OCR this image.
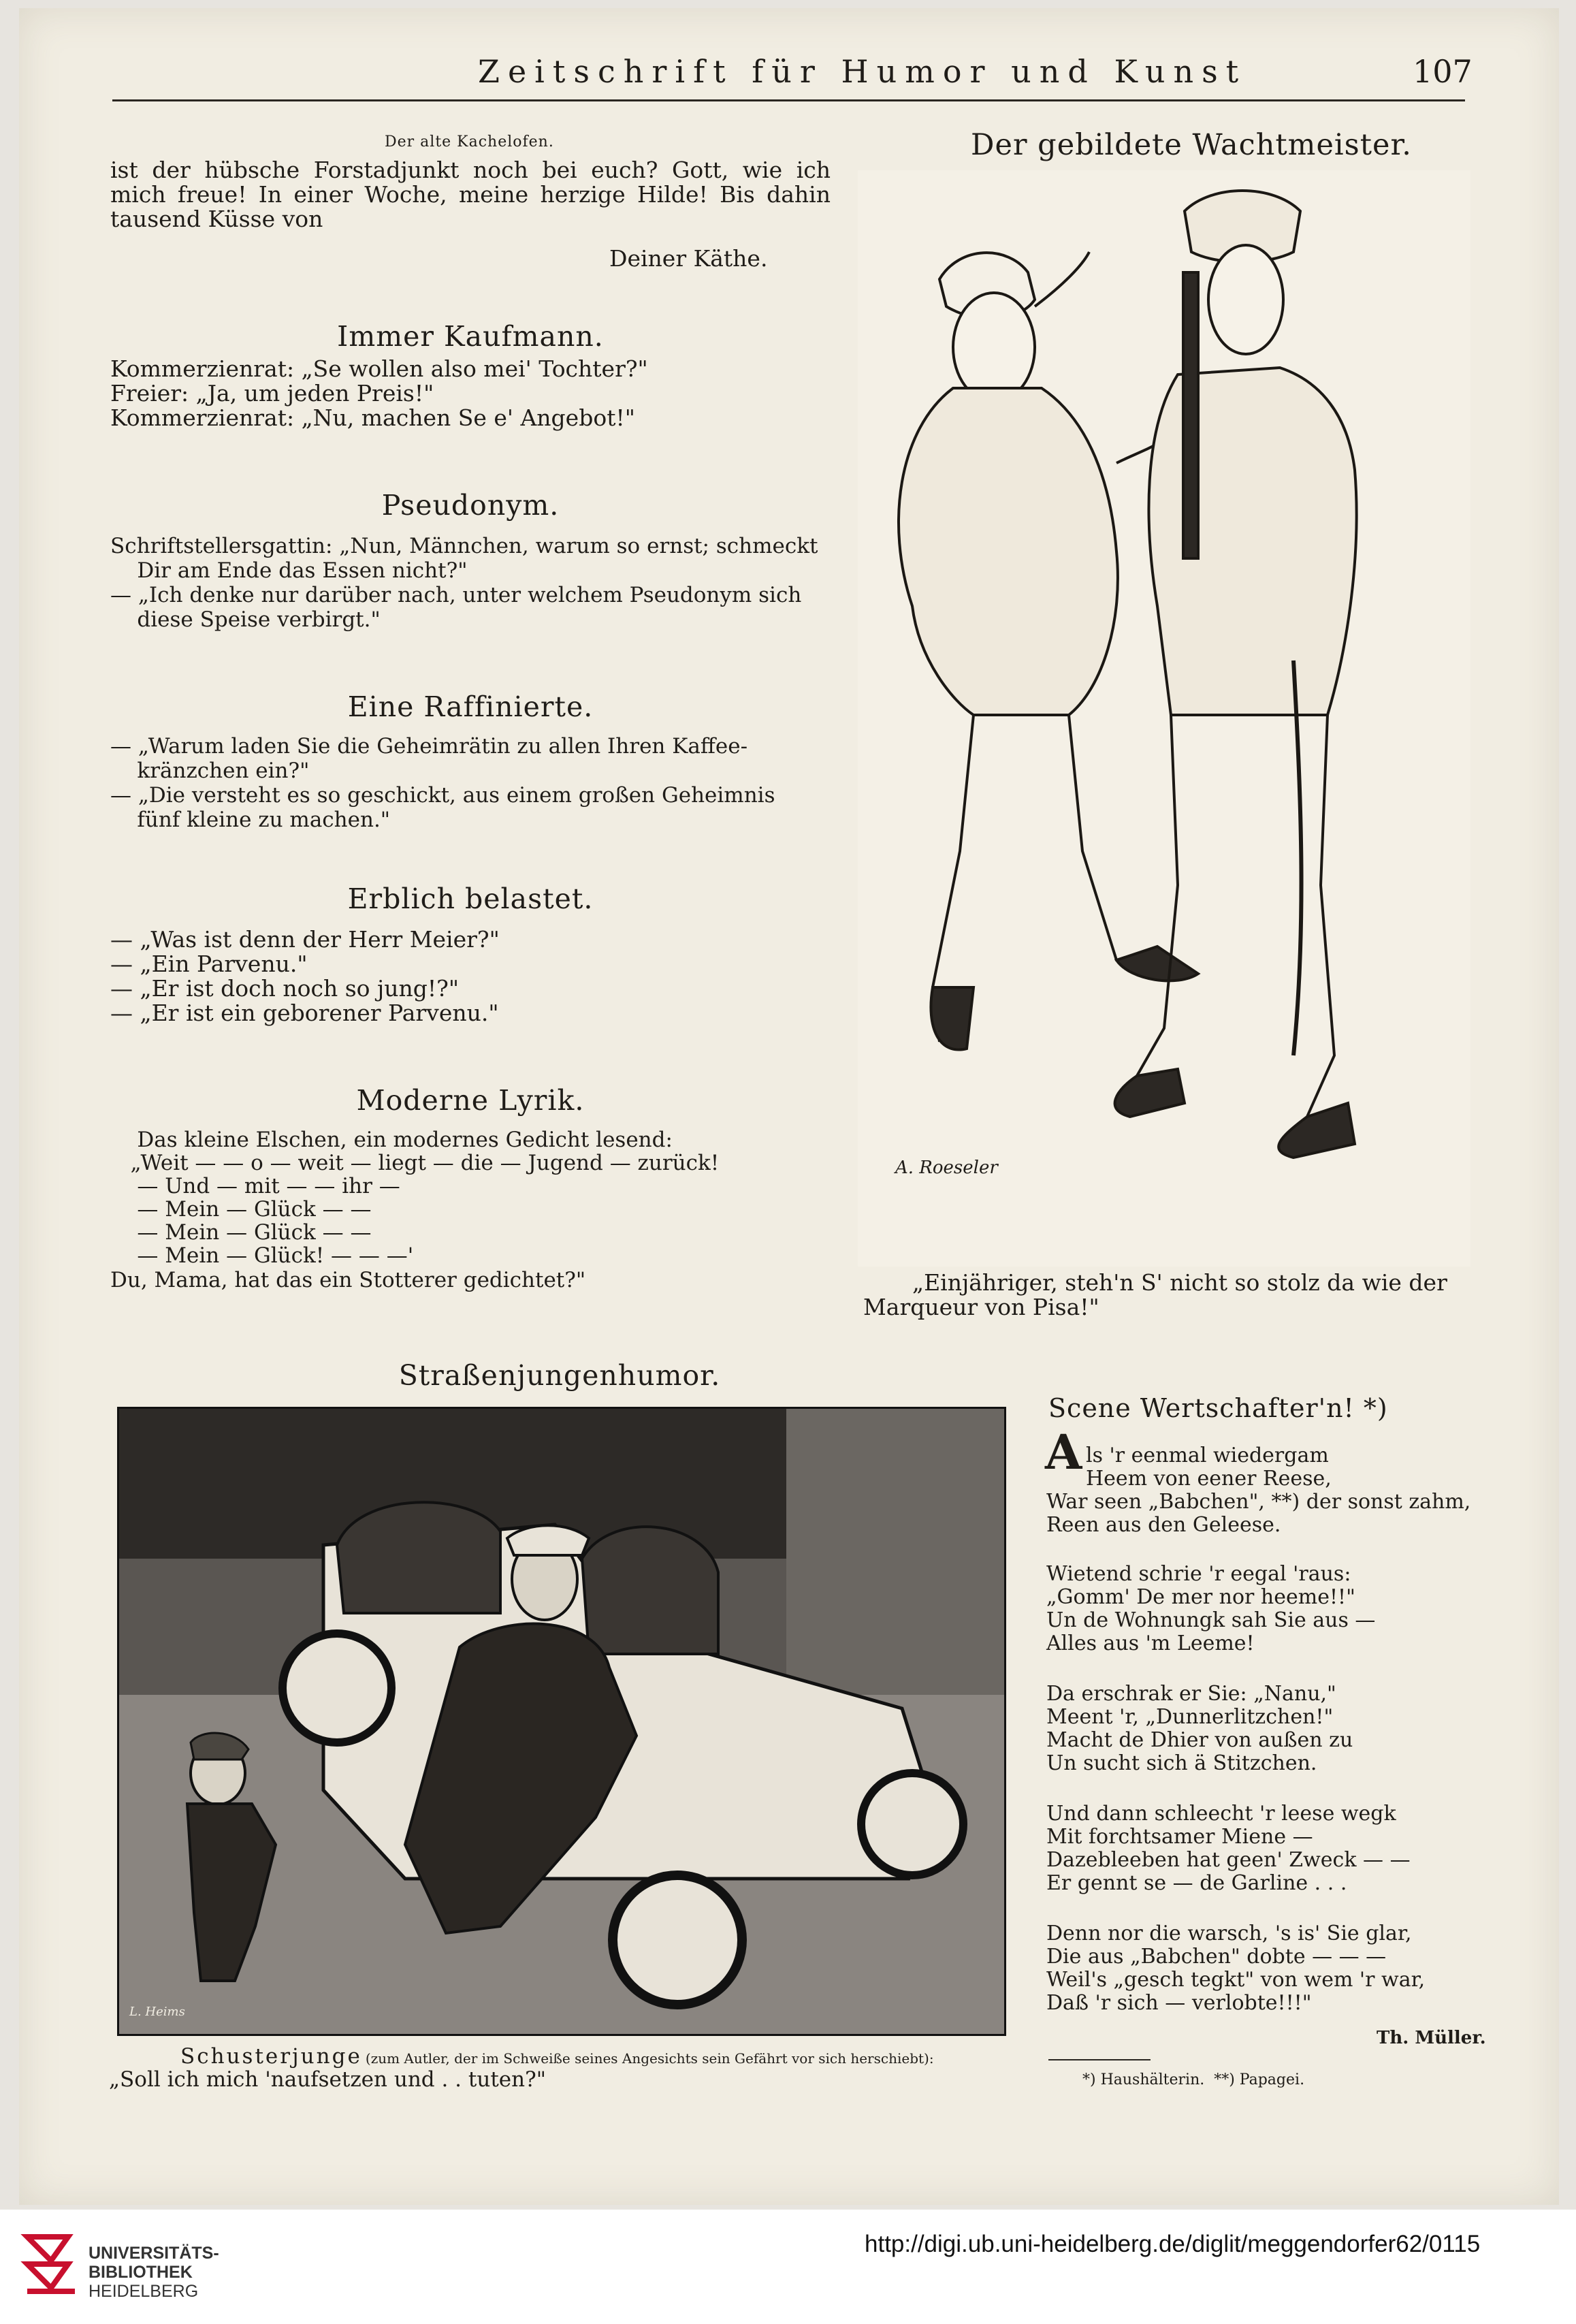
Zeitschrift für Humor und Kunst	107
Der alte Kachelofen.
ist der hübsche Forstadjunkt noch bei euch? Gott, wie ich mich freue! In einer Woche, meine herzige Hilde! Bis dahin tausend Küsse von
Deiner Käthe.
Immer Kaufmann.
Kommerzienrat: „Se wollen also mei' Tochter?"
Freier: „Ja, um jeden Preis!"
Kommerzienrat: „Nu, machen Se e' Angebot!"
Pseudonym.
Schriftstellersgattin: „Nun, Männchen, warum so ernst; schmeckt
Dir am Ende das Essen nicht?"
— „Ich denke nur darüber nach, unter welchem Pseudonym sich
diese Speise verbirgt."
Eine Raffinierte.
— „Warum laden Sie die Geheimrätin zu allen Ihren Kaffee-
kränzchen ein?"
— „Die versteht es so geschickt, aus einem großen Geheimnis
fünf kleine zu machen."
Erblich belastet.
— „Was ist denn der Herr Meier?"
— „Ein Parvenu."
— „Er ist doch noch so jung!?"
— „Er ist ein geborener Parvenu."
Moderne Lyrik.
Das kleine Elschen, ein modernes Gedicht lesend:
„Weit — — o — weit — liegt — die — Jugend — zurück!
— Und — mit — — ihr —
— Mein — Glück — —
— Mein — Glück — —
— Mein — Glück! — — —'
Du, Mama, hat das ein Stotterer gedichtet?"
Der gebildete Wachtmeister.
A. Roeseler
„Einjähriger, steh'n S' nicht so stolz da wie der
Marqueur von Pisa!"
Straßenjungenhumor.
L. Heims
Schusterjunge (zum Autler, der im Schweiße seines Angesichts sein Gefährt vor sich herschiebt):
„Soll ich mich 'naufsetzen und . . tuten?"
Scene Wertschafter'n! *)
A ls 'r eenmal wiedergam
Heem von eener Reese,
War seen „Babchen", **) der sonst zahm,
Reen aus den Geleese.
Wietend schrie 'r eegal 'raus:
„Gomm' De mer nor heeme!!"
Un de Wohnungk sah Sie aus —
Alles aus 'm Leeme!
Da erschrak er Sie: „Nanu,"
Meent 'r, „Dunnerlitzchen!"
Macht de Dhier von außen zu
Un sucht sich ä Stitzchen.
Und dann schleecht 'r leese wegk
Mit forchtsamer Miene —
Dazebleeben hat geen' Zweck — —
Er gennt se — de Garline . . .
Denn nor die warsch, 's is' Sie glar,
Die aus „Babchen" dobte — — —
Weil's „gesch tegkt" von wem 'r war,
Daß 'r sich — verlobte!!!"
Th. Müller.
*) Haushälterin.  **) Papagei.
UNIVERSITÄTS-
BIBLIOTHEK
HEIDELBERG
http://digi.ub.uni-heidelberg.de/diglit/meggendorfer62/0115
